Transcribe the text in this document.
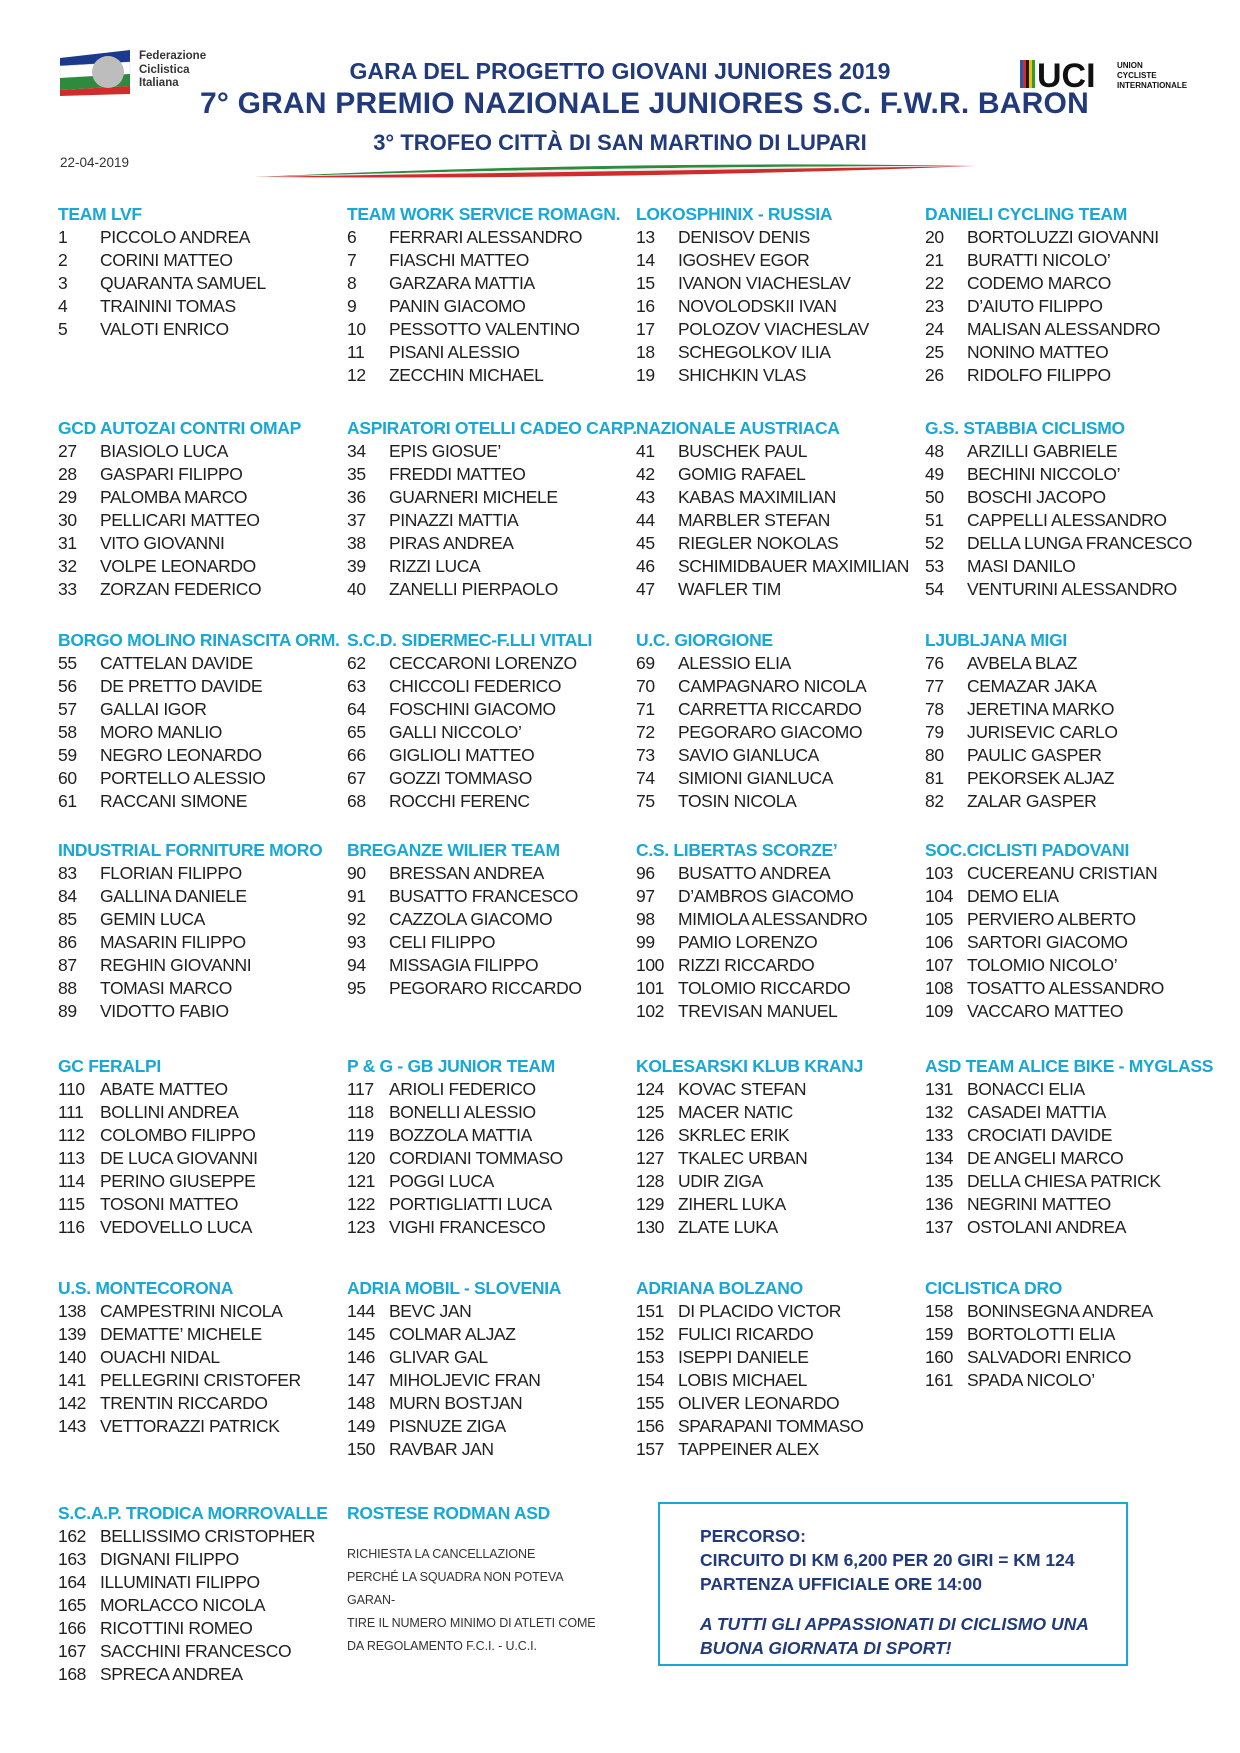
Federazione
Ciclistica
Italiana	UCI	UNION
CYCLISTE
INTERNATIONALE
GARA DEL PROGETTO GIOVANI JUNIORES 2019
7° GRAN PREMIO NAZIONALE JUNIORES S.C. F.W.R. BARON
3° TROFEO CITTÀ DI SAN MARTINO DI LUPARI
22-04-2019
TEAM LVF
1	PICCOLO ANDREA
2	CORINI MATTEO
3	QUARANTA SAMUEL
4	TRAININI TOMAS
5	VALOTI ENRICO
TEAM WORK SERVICE ROMAGN.
6	FERRARI ALESSANDRO
7	FIASCHI MATTEO
8	GARZARA MATTIA
9	PANIN GIACOMO
10	PESSOTTO VALENTINO
11	PISANI ALESSIO
12	ZECCHIN MICHAEL
LOKOSPHINIX - RUSSIA
13	DENISOV DENIS
14	IGOSHEV EGOR
15	IVANON VIACHESLAV
16	NOVOLODSKII IVAN
17	POLOZOV VIACHESLAV
18	SCHEGOLKOV ILIA
19	SHICHKIN VLAS
DANIELI CYCLING TEAM
20	BORTOLUZZI GIOVANNI
21	BURATTI NICOLO’
22	CODEMO MARCO
23	D’AIUTO FILIPPO
24	MALISAN ALESSANDRO
25	NONINO MATTEO
26	RIDOLFO FILIPPO
GCD AUTOZAI CONTRI OMAP
27	BIASIOLO LUCA
28	GASPARI FILIPPO
29	PALOMBA MARCO
30	PELLICARI MATTEO
31	VITO GIOVANNI
32	VOLPE LEONARDO
33	ZORZAN FEDERICO
ASPIRATORI OTELLI CADEO CARP.
34	EPIS GIOSUE’
35	FREDDI MATTEO
36	GUARNERI MICHELE
37	PINAZZI MATTIA
38	PIRAS ANDREA
39	RIZZI LUCA
40	ZANELLI PIERPAOLO
NAZIONALE AUSTRIACA
41	BUSCHEK PAUL
42	GOMIG RAFAEL
43	KABAS MAXIMILIAN
44	MARBLER STEFAN
45	RIEGLER NOKOLAS
46	SCHIMIDBAUER MAXIMILIAN
47	WAFLER TIM
G.S. STABBIA CICLISMO
48	ARZILLI GABRIELE
49	BECHINI NICCOLO’
50	BOSCHI JACOPO
51	CAPPELLI ALESSANDRO
52	DELLA LUNGA FRANCESCO
53	MASI DANILO
54	VENTURINI ALESSANDRO
BORGO MOLINO RINASCITA ORM.
55	CATTELAN DAVIDE
56	DE PRETTO DAVIDE
57	GALLAI IGOR
58	MORO MANLIO
59	NEGRO LEONARDO
60	PORTELLO ALESSIO
61	RACCANI SIMONE
S.C.D. SIDERMEC-F.LLI VITALI
62	CECCARONI LORENZO
63	CHICCOLI FEDERICO
64	FOSCHINI GIACOMO
65	GALLI NICCOLO’
66	GIGLIOLI MATTEO
67	GOZZI TOMMASO
68	ROCCHI FERENC
U.C. GIORGIONE
69	ALESSIO ELIA
70	CAMPAGNARO NICOLA
71	CARRETTA RICCARDO
72	PEGORARO GIACOMO
73	SAVIO GIANLUCA
74	SIMIONI GIANLUCA
75	TOSIN NICOLA
LJUBLJANA MIGI
76	AVBELA BLAZ
77	CEMAZAR JAKA
78	JERETINA MARKO
79	JURISEVIC CARLO
80	PAULIC GASPER
81	PEKORSEK ALJAZ
82	ZALAR GASPER
INDUSTRIAL FORNITURE MORO
83	FLORIAN FILIPPO
84	GALLINA DANIELE
85	GEMIN LUCA
86	MASARIN FILIPPO
87	REGHIN GIOVANNI
88	TOMASI MARCO
89	VIDOTTO FABIO
BREGANZE WILIER TEAM
90	BRESSAN ANDREA
91	BUSATTO FRANCESCO
92	CAZZOLA GIACOMO
93	CELI FILIPPO
94	MISSAGIA FILIPPO
95	PEGORARO RICCARDO
C.S. LIBERTAS SCORZE’
96	BUSATTO ANDREA
97	D’AMBROS GIACOMO
98	MIMIOLA ALESSANDRO
99	PAMIO LORENZO
100 RIZZI RICCARDO
101 TOLOMIO RICCARDO
102 TREVISAN MANUEL
SOC.CICLISTI PADOVANI
103 CUCEREANU CRISTIAN
104 DEMO ELIA
105 PERVIERO ALBERTO
106 SARTORI GIACOMO
107 TOLOMIO NICOLO’
108 TOSATTO ALESSANDRO
109 VACCARO MATTEO
GC FERALPI
110 ABATE MATTEO
111 BOLLINI ANDREA
112 COLOMBO FILIPPO
113 DE LUCA GIOVANNI
114 PERINO GIUSEPPE
115 TOSONI MATTEO
116 VEDOVELLO LUCA
P & G - GB JUNIOR TEAM
117 ARIOLI FEDERICO
118 BONELLI ALESSIO
119 BOZZOLA MATTIA
120 CORDIANI TOMMASO
121 POGGI LUCA
122 PORTIGLIATTI LUCA
123 VIGHI FRANCESCO
KOLESARSKI KLUB KRANJ
124 KOVAC STEFAN
125 MACER NATIC
126 SKRLEC ERIK
127 TKALEC URBAN
128 UDIR ZIGA
129 ZIHERL LUKA
130 ZLATE LUKA
ASD TEAM ALICE BIKE - MYGLASS
131 BONACCI ELIA
132 CASADEI MATTIA
133 CROCIATI DAVIDE
134 DE ANGELI MARCO
135 DELLA CHIESA PATRICK
136 NEGRINI MATTEO
137 OSTOLANI ANDREA
U.S. MONTECORONA
138 CAMPESTRINI NICOLA
139 DEMATTE’ MICHELE
140 OUACHI NIDAL
141 PELLEGRINI CRISTOFER
142 TRENTIN RICCARDO
143 VETTORAZZI PATRICK
ADRIA MOBIL - SLOVENIA
144 BEVC JAN
145 COLMAR ALJAZ
146 GLIVAR GAL
147 MIHOLJEVIC FRAN
148 MURN BOSTJAN
149 PISNUZE ZIGA
150 RAVBAR JAN
ADRIANA BOLZANO
151 DI PLACIDO VICTOR
152 FULICI RICARDO
153 ISEPPI DANIELE
154 LOBIS MICHAEL
155 OLIVER LEONARDO
156 SPARAPANI TOMMASO
157 TAPPEINER ALEX
CICLISTICA DRO
158 BONINSEGNA ANDREA
159 BORTOLOTTI ELIA
160 SALVADORI ENRICO
161 SPADA NICOLO’
S.C.A.P. TRODICA MORROVALLE
162 BELLISSIMO CRISTOPHER
163 DIGNANI FILIPPO
164 ILLUMINATI FILIPPO
165 MORLACCO NICOLA
166 RICOTTINI ROMEO
167 SACCHINI FRANCESCO
168 SPRECA ANDREA
ROSTESE RODMAN ASD
RICHIESTA LA CANCELLAZIONE
PERCHÉ LA SQUADRA NON POTEVA GARAN-
TIRE IL NUMERO MINIMO DI ATLETI COME
DA REGOLAMENTO F.C.I. - U.C.I.
PERCORSO:
CIRCUITO DI KM 6,200 PER 20 GIRI = KM 124
PARTENZA UFFICIALE ORE 14:00
A TUTTI GLI APPASSIONATI DI CICLISMO UNA BUONA GIORNATA DI SPORT!
